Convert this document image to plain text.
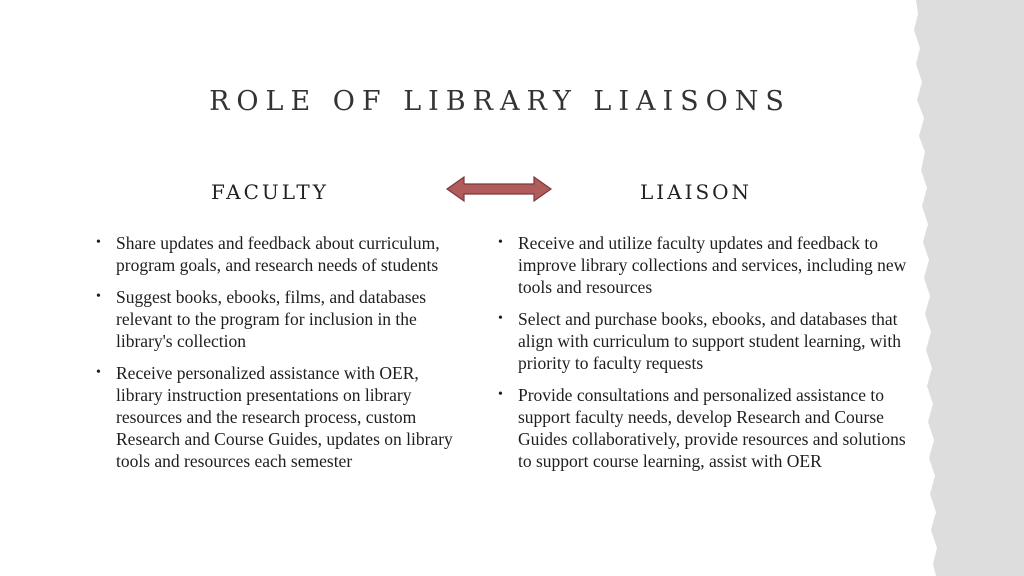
ROLE OF LIBRARY LIAISONS
FACULTY	LIAISON
• Share updates and feedback about curriculum, program goals, and research needs of students
• Suggest books, ebooks, films, and databases relevant to the program for inclusion in the library's collection
• Receive personalized assistance with OER, library instruction presentations on library resources and the research process, custom Research and Course Guides, updates on library tools and resources each semester
• Receive and utilize faculty updates and feedback to improve library collections and services, including new tools and resources
• Select and purchase books, ebooks, and databases that align with curriculum to support student learning, with priority to faculty requests
• Provide consultations and personalized assistance to support faculty needs, develop Research and Course Guides collaboratively, provide resources and solutions to support course learning, assist with OER
